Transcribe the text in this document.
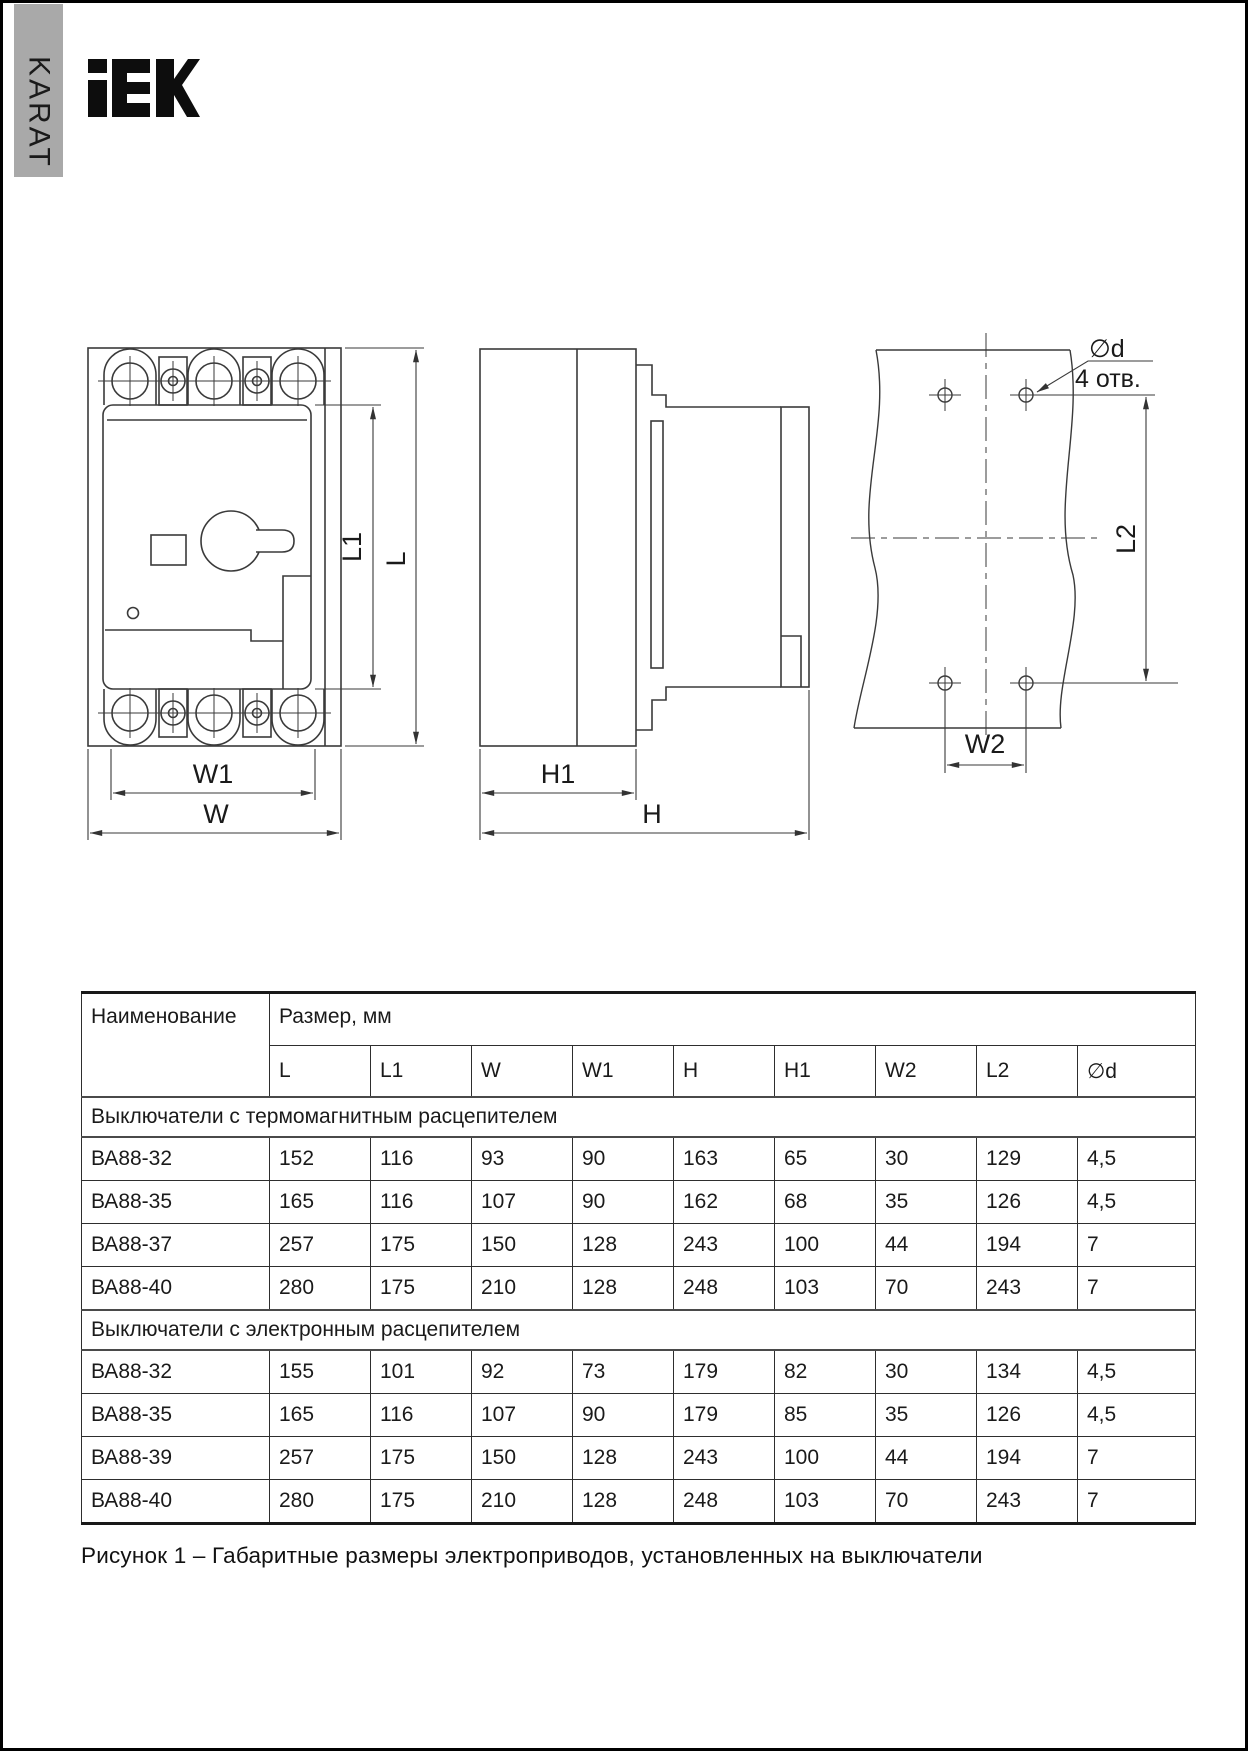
KARAT
L1 L
W1
W
H1
H
∅d
4 отв.
L2
W2
Наименование	Размер, мм								
	L	L1	W	W1	H	H1	W2	L2	∅d
Выключатели с термомагнитным расцепителем									
ВА88-32	152	116	93	90	163	65	30	129	4,5
ВА88-35	165	116	107	90	162	68	35	126	4,5
ВА88-37	257	175	150	128	243	100	44	194	7
ВА88-40	280	175	210	128	248	103	70	243	7
Выключатели с электронным расцепителем									
ВА88-32	155	101	92	73	179	82	30	134	4,5
ВА88-35	165	116	107	90	179	85	35	126	4,5
ВА88-39	257	175	150	128	243	100	44	194	7
ВА88-40	280	175	210	128	248	103	70	243	7
Рисунок 1 – Габаритные размеры электроприводов, установленных на выключатели
